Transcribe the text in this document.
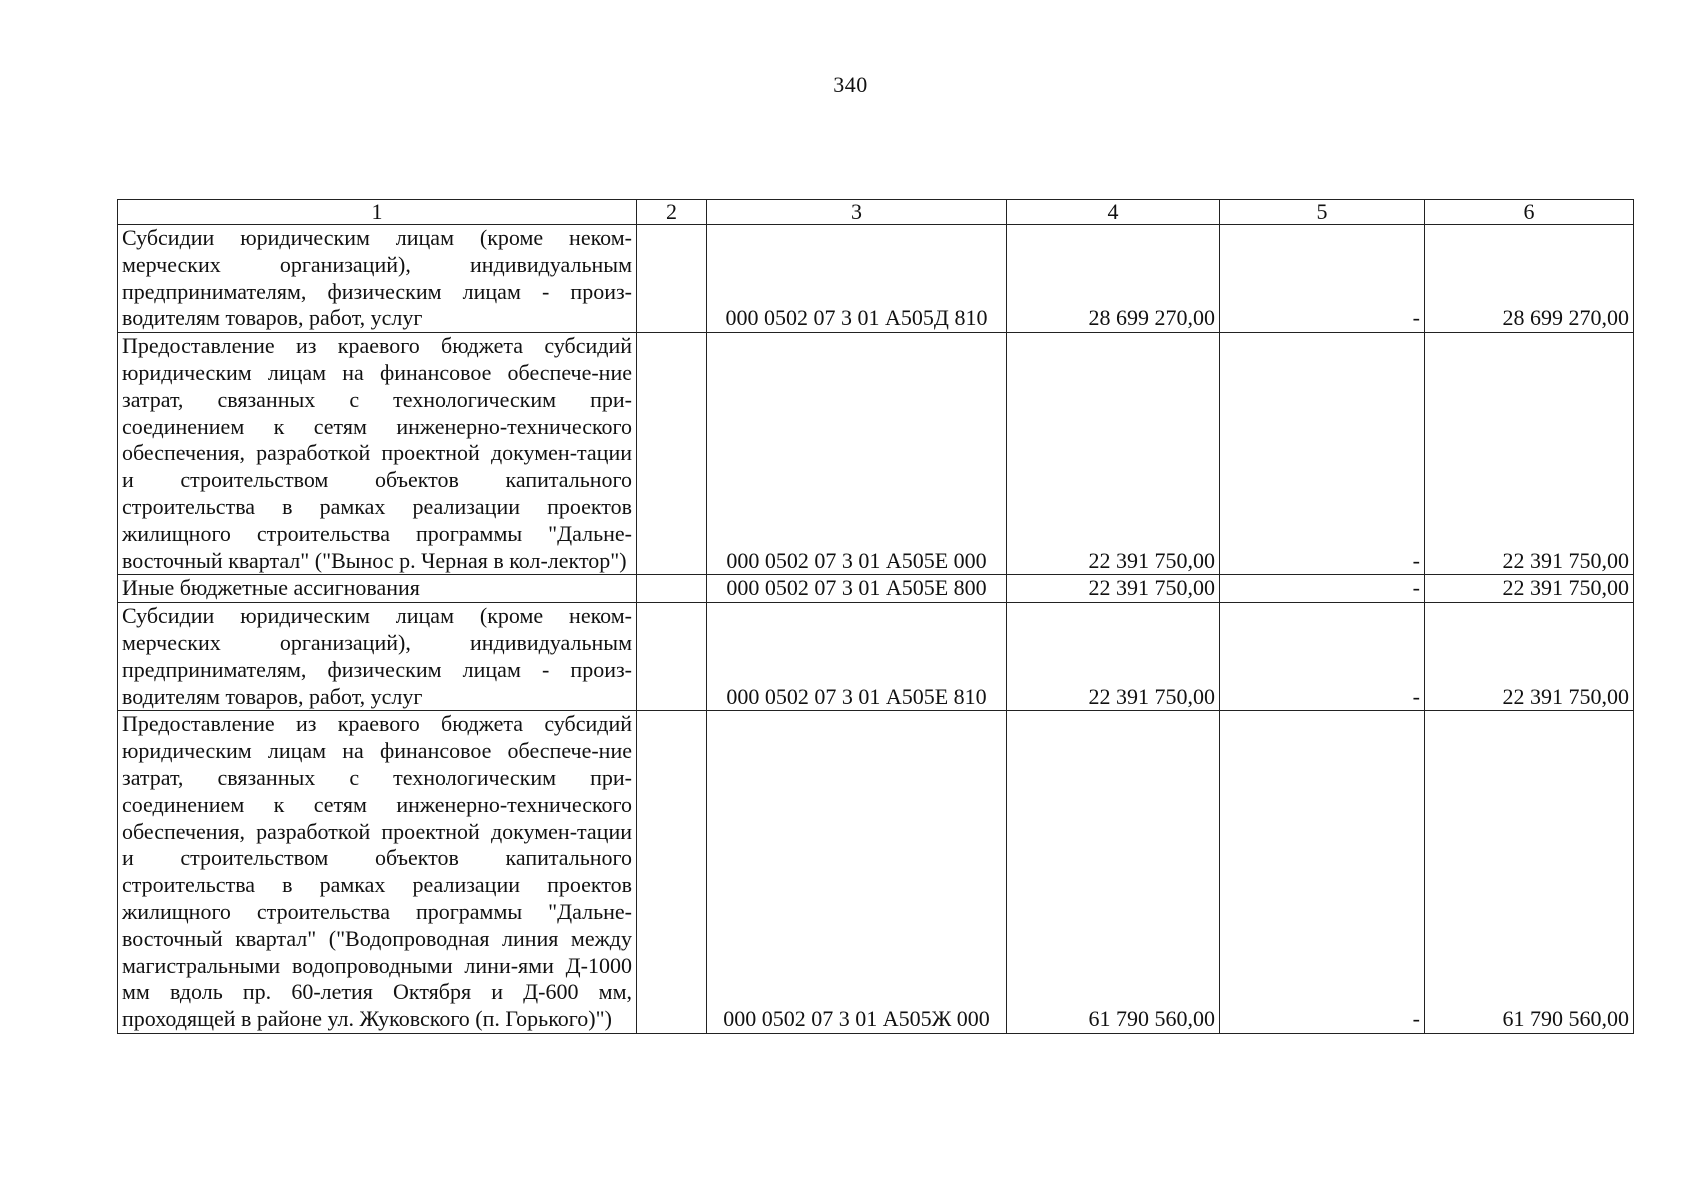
340
1	2	3	4	5	6
Субсидии юридическим лицам (кроме неком-мерческих организаций), индивидуальным предпринимателям, физическим лицам - произ-водителям товаров, работ, услуг		000 0502 07 3 01 А505Д 810	28 699 270,00	-	28 699 270,00
Предоставление из краевого бюджета субсидий юридическим лицам на финансовое обеспече-ние затрат, связанных с технологическим при-соединением к сетям инженерно-технического обеспечения, разработкой проектной докумен-тации и строительством объектов капитального строительства в рамках реализации проектов жилищного строительства программы "Дальне-восточный квартал" ("Вынос р. Черная в кол-лектор")		000 0502 07 3 01 А505Е 000	22 391 750,00	-	22 391 750,00
Иные бюджетные ассигнования		000 0502 07 3 01 А505Е 800	22 391 750,00	-	22 391 750,00
Субсидии юридическим лицам (кроме неком-мерческих организаций), индивидуальным предпринимателям, физическим лицам - произ-водителям товаров, работ, услуг		000 0502 07 3 01 А505Е 810	22 391 750,00	-	22 391 750,00
Предоставление из краевого бюджета субсидий юридическим лицам на финансовое обеспече-ние затрат, связанных с технологическим при-соединением к сетям инженерно-технического обеспечения, разработкой проектной докумен-тации и строительством объектов капитального строительства в рамках реализации проектов жилищного строительства программы "Дальне-восточный квартал" ("Водопроводная линия между магистральными водопроводными лини-ями Д-1000 мм вдоль пр. 60-летия Октября и Д-600 мм, проходящей в районе ул. Жуковского (п. Горького)")		000 0502 07 3 01 А505Ж 000	61 790 560,00	-	61 790 560,00
